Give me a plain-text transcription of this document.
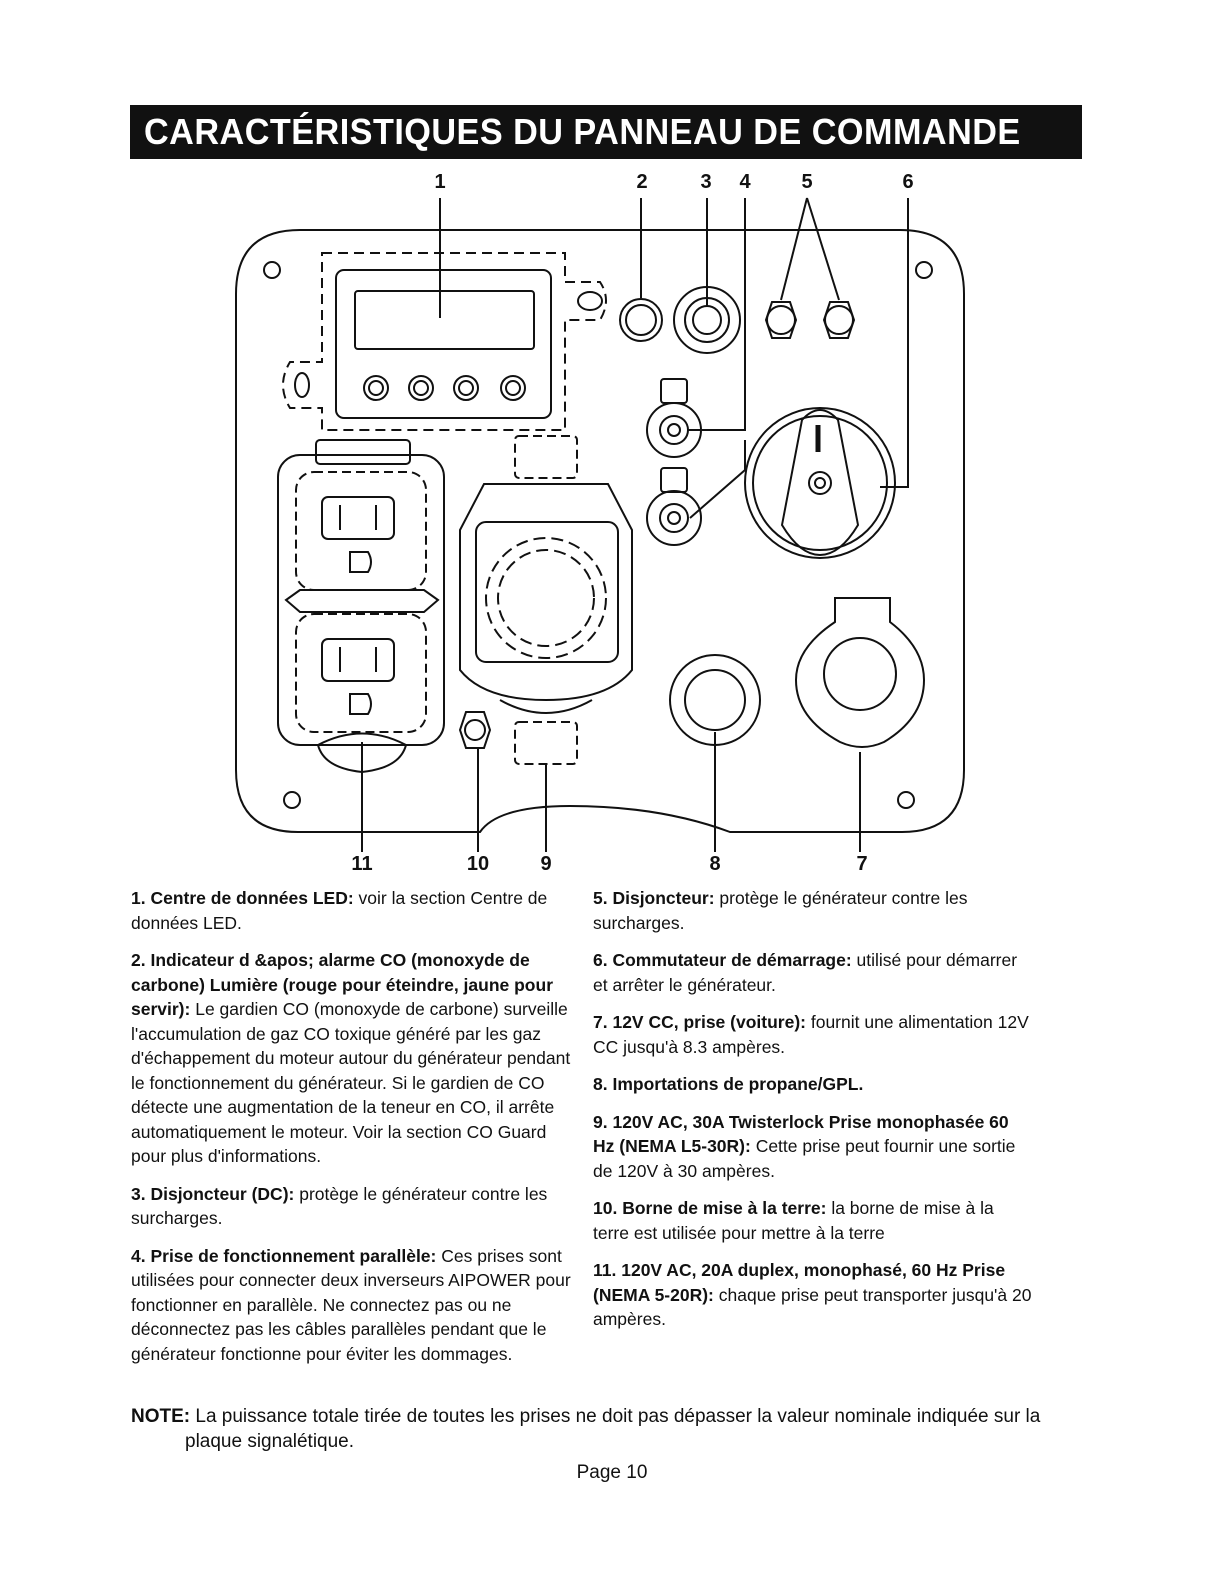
CARACTÉRISTIQUES DU PANNEAU DE COMMANDE
1	2	3 4	5	6
11	10	9	8	7

1. Centre de données LED: voir la section Centre de données LED.

2. Indicateur d &apos; alarme CO (monoxyde de carbone) Lumière (rouge pour éteindre, jaune pour servir): Le gardien CO (monoxyde de carbone) surveille l'accumulation de gaz CO toxique généré par les gaz d'échappement du moteur autour du générateur pendant le fonctionnement du générateur. Si le gardien de CO détecte une augmentation de la teneur en CO, il arrête automatiquement le moteur. Voir la section CO Guard pour plus d'informations.

3. Disjoncteur (DC): protège le générateur contre les surcharges.

4. Prise de fonctionnement parallèle: Ces prises sont utilisées pour connecter deux inverseurs AIPOWER pour fonctionner en parallèle. Ne connectez pas ou ne déconnectez pas les câbles parallèles pendant que le générateur fonctionne pour éviter les dommages.

5. Disjoncteur: protège le générateur contre les surcharges.

6. Commutateur de démarrage: utilisé pour démarrer et arrêter le générateur.

7. 12V CC, prise (voiture): fournit une alimentation 12V CC jusqu'à 8.3 ampères.

8. Importations de propane/GPL.

9. 120V AC, 30A Twisterlock Prise monophasée 60 Hz (NEMA L5-30R): Cette prise peut fournir une sortie de 120V à 30 ampères.

10. Borne de mise à la terre: la borne de mise à la terre est utilisée pour mettre à la terre

11. 120V AC, 20A duplex, monophasé, 60 Hz Prise (NEMA 5-20R): chaque prise peut transporter jusqu'à 20 ampères.

NOTE: La puissance totale tirée de toutes les prises ne doit pas dépasser la valeur nominale indiquée sur la plaque signalétique.
Page 10
